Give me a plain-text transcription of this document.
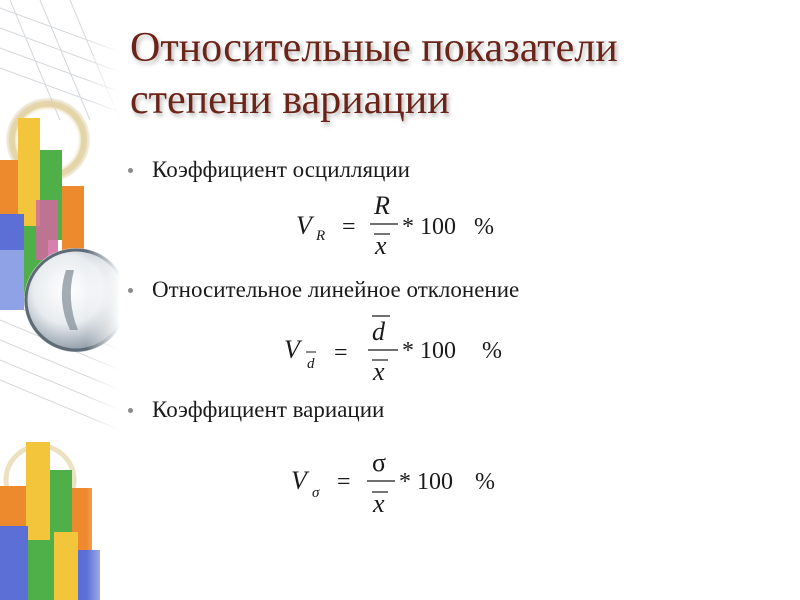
Относительные показатели
степени вариации
Коэффициент осцилляции
V R =
R
x
* 100 %
Относительное линейное отклонение
V d =
d
x
* 100 %
Коэффициент вариации
V σ =
σ
x
* 100 %
